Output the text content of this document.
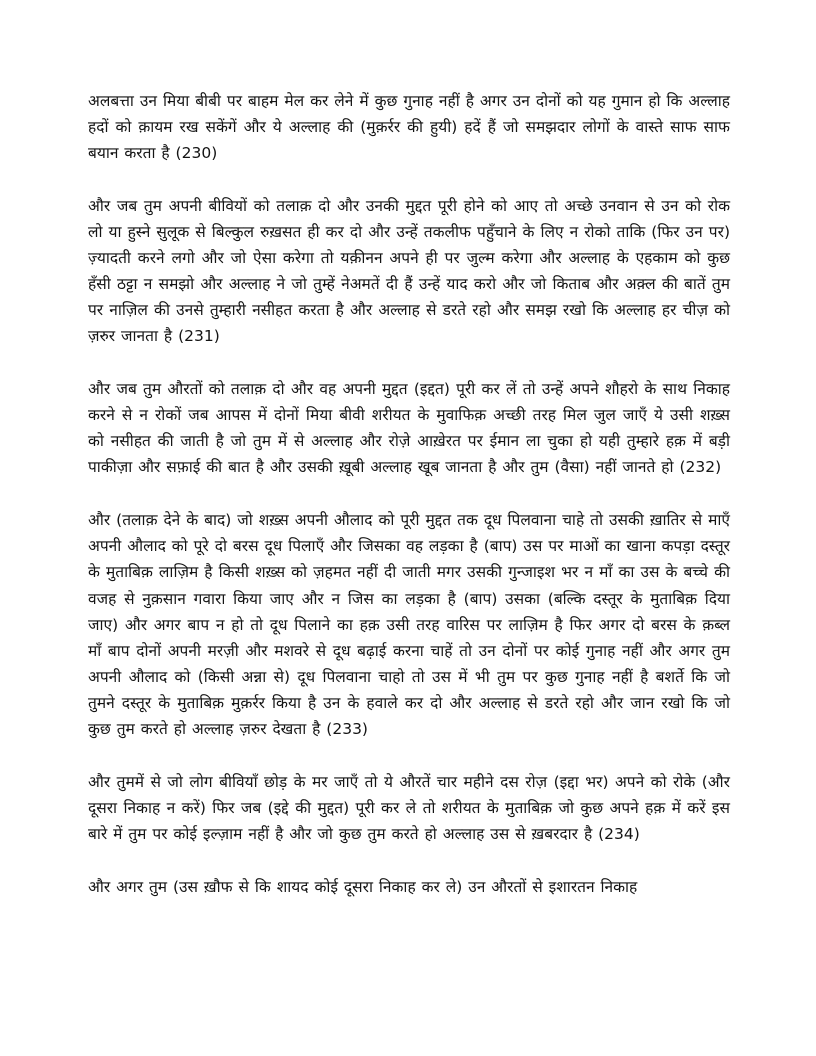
अलबत्ता उन मिया बीबी पर बाहम मेल कर लेने में कुछ गुनाह नहीं है अगर उन दोनों को यह गुमान हो कि अल्लाह हदों को क़ायम रख सकेंगें और ये अल्लाह की (मुक़र्रर की हुयी) हदें हैं जो समझदार लोगों के वास्ते साफ साफ बयान करता है (230)

और जब तुम अपनी बीवियों को तलाक़ दो और उनकी मुद्दत पूरी होने को आए तो अच्छे उनवान से उन को रोक लो या हुस्ने सुलूक से बिल्कुल रुख़सत ही कर दो और उन्हें तकलीफ पहुँचाने के लिए न रोको ताकि (फिर उन पर) ज़्यादती करने लगो और जो ऐसा करेगा तो यक़ीनन अपने ही पर जुल्म करेगा और अल्लाह के एहकाम को कुछ हँसी ठट्टा न समझो और अल्लाह ने जो तुम्हें नेअमतें दी हैं उन्हें याद करो और जो किताब और अक़्ल की बातें तुम पर नाज़िल की उनसे तुम्हारी नसीहत करता है और अल्लाह से डरते रहो और समझ रखो कि अल्लाह हर चीज़ को ज़रुर जानता है (231)

और जब तुम औरतों को तलाक़ दो और वह अपनी मुद्दत (इद्दत) पूरी कर लें तो उन्हें अपने शौहरो के साथ निकाह करने से न रोकों जब आपस में दोनों मिया बीवी शरीयत के मुवाफिक़ अच्छी तरह मिल जुल जाएँ ये उसी शख़्स को नसीहत की जाती है जो तुम में से अल्लाह और रोज़े आख़ेरत पर ईमान ला चुका हो यही तुम्हारे हक़ में बड़ी पाकीज़ा और सफ़ाई की बात है और उसकी ख़ूबी अल्लाह खूब जानता है और तुम (वैसा) नहीं जानते हो (232)

और (तलाक़ देने के बाद) जो शख़्स अपनी औलाद को पूरी मुद्दत तक दूध पिलवाना चाहे तो उसकी ख़ातिर से माएँ अपनी औलाद को पूरे दो बरस दूध पिलाएँ और जिसका वह लड़का है (बाप) उस पर माओं का खाना कपड़ा दस्तूर के मुताबिक़ लाज़िम है किसी शख़्स को ज़हमत नहीं दी जाती मगर उसकी गुन्जाइश भर न माँ का उस के बच्चे की वजह से नुक़सान गवारा किया जाए और न जिस का लड़का है (बाप) उसका (बल्कि दस्तूर के मुताबिक़ दिया जाए) और अगर बाप न हो तो दूध पिलाने का हक़ उसी तरह वारिस पर लाज़िम है फिर अगर दो बरस के क़ब्ल माँ बाप दोनों अपनी मरज़ी और मशवरे से दूध बढ़ाई करना चाहें तो उन दोनों पर कोई गुनाह नहीं और अगर तुम अपनी औलाद को (किसी अन्ना से) दूध पिलवाना चाहो तो उस में भी तुम पर कुछ गुनाह नहीं है बशर्ते कि जो तुमने दस्तूर के मुताबिक़ मुक़र्रर किया है उन के हवाले कर दो और अल्लाह से डरते रहो और जान रखो कि जो कुछ तुम करते हो अल्लाह ज़रुर देखता है (233)

और तुममें से जो लोग बीवियाँ छोड़ के मर जाएँ तो ये औरतें चार महीने दस रोज़ (इद्दा भर) अपने को रोके (और दूसरा निकाह न करें) फिर जब (इद्दे की मुद्दत) पूरी कर ले तो शरीयत के मुताबिक़ जो कुछ अपने हक़ में करें इस बारे में तुम पर कोई इल्ज़ाम नहीं है और जो कुछ तुम करते हो अल्लाह उस से ख़बरदार है (234)

और अगर तुम (उस ख़ौफ से कि शायद कोई दूसरा निकाह कर ले) उन औरतों से इशारतन निकाह
